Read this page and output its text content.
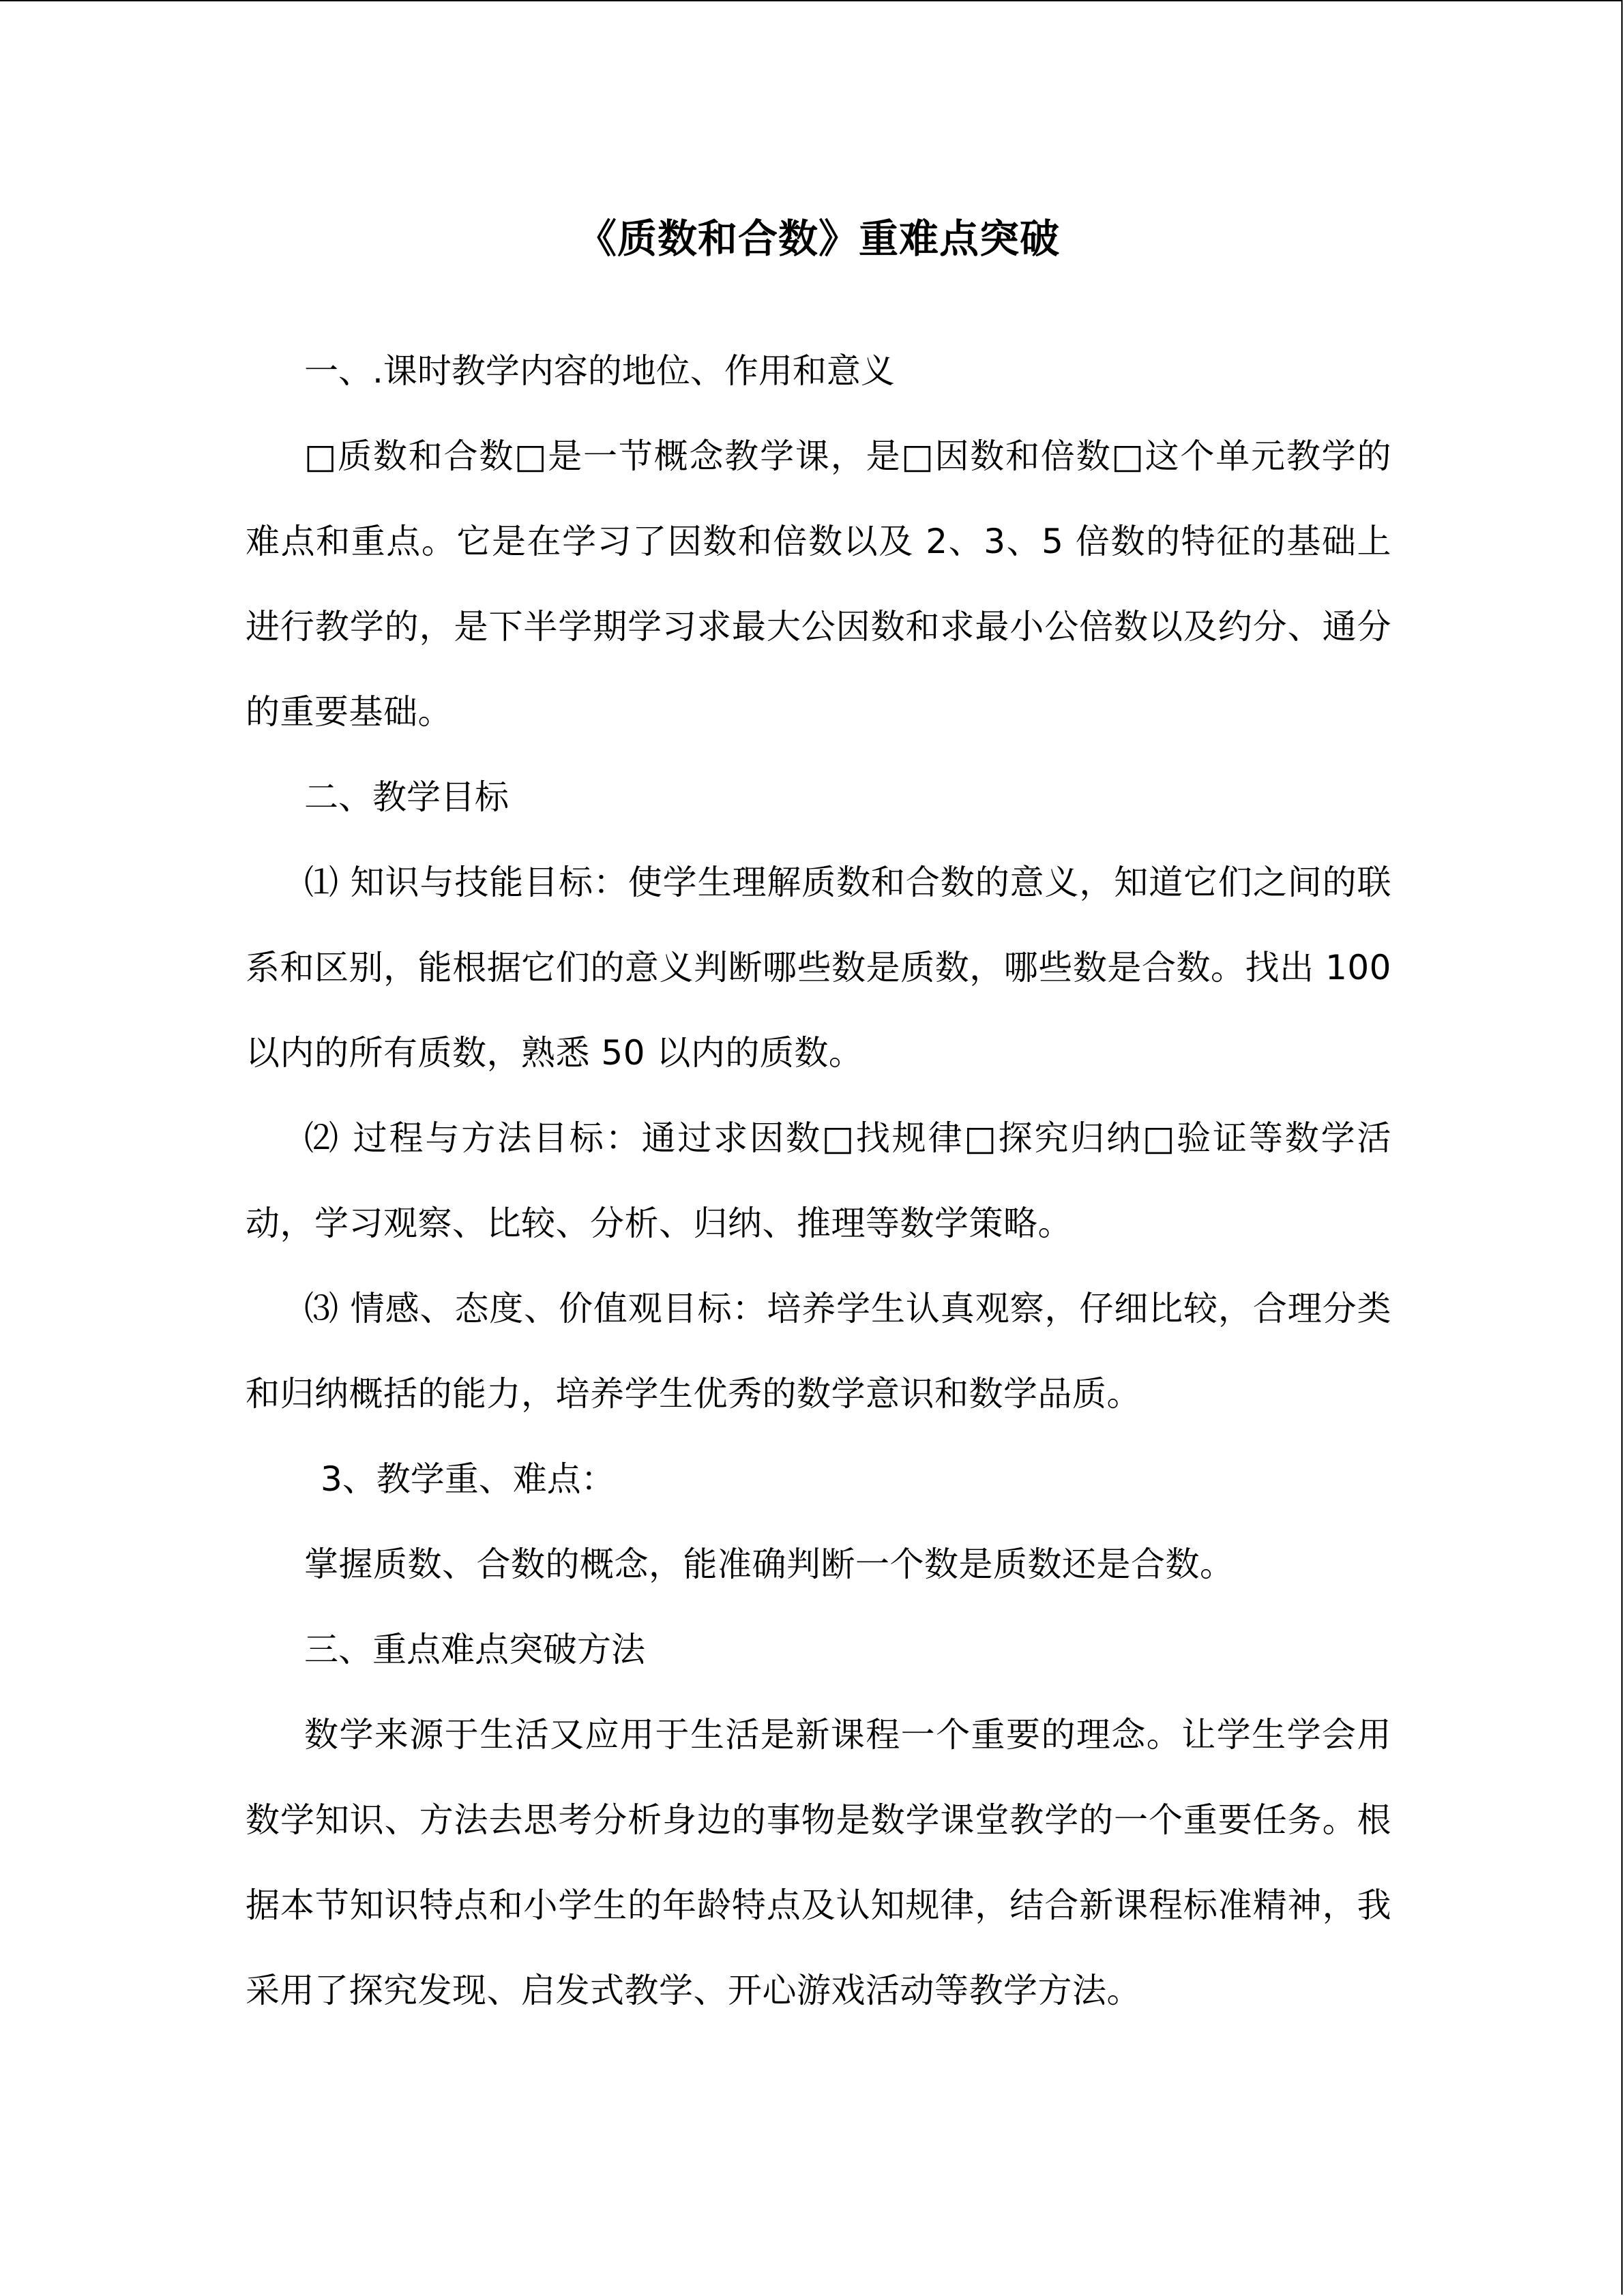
《质数和合数》重难点突破

一、.课时教学内容的地位、作用和意义

□质数和合数□是一节概念教学课，是□因数和倍数□这个单元教学的难点和重点。它是在学习了因数和倍数以及 2、3、5 倍数的特征的基础上进行教学的，是下半学期学习求最大公因数和求最小公倍数以及约分、通分的重要基础。

二、教学目标

⑴ 知识与技能目标：使学生理解质数和合数的意义，知道它们之间的联系和区别，能根据它们的意义判断哪些数是质数，哪些数是合数。找出 100 以内的所有质数，熟悉 50 以内的质数。

⑵ 过程与方法目标：通过求因数□找规律□探究归纳□验证等数学活动，学习观察、比较、分析、归纳、推理等数学策略。

⑶ 情感、态度、价值观目标：培养学生认真观察，仔细比较，合理分类和归纳概括的能力，培养学生优秀的数学意识和数学品质。

3、教学重、难点：

掌握质数、合数的概念，能准确判断一个数是质数还是合数。

三、重点难点突破方法

数学来源于生活又应用于生活是新课程一个重要的理念。让学生学会用数学知识、方法去思考分析身边的事物是数学课堂教学的一个重要任务。根据本节知识特点和小学生的年龄特点及认知规律，结合新课程标准精神，我采用了探究发现、启发式教学、开心游戏活动等教学方法。
